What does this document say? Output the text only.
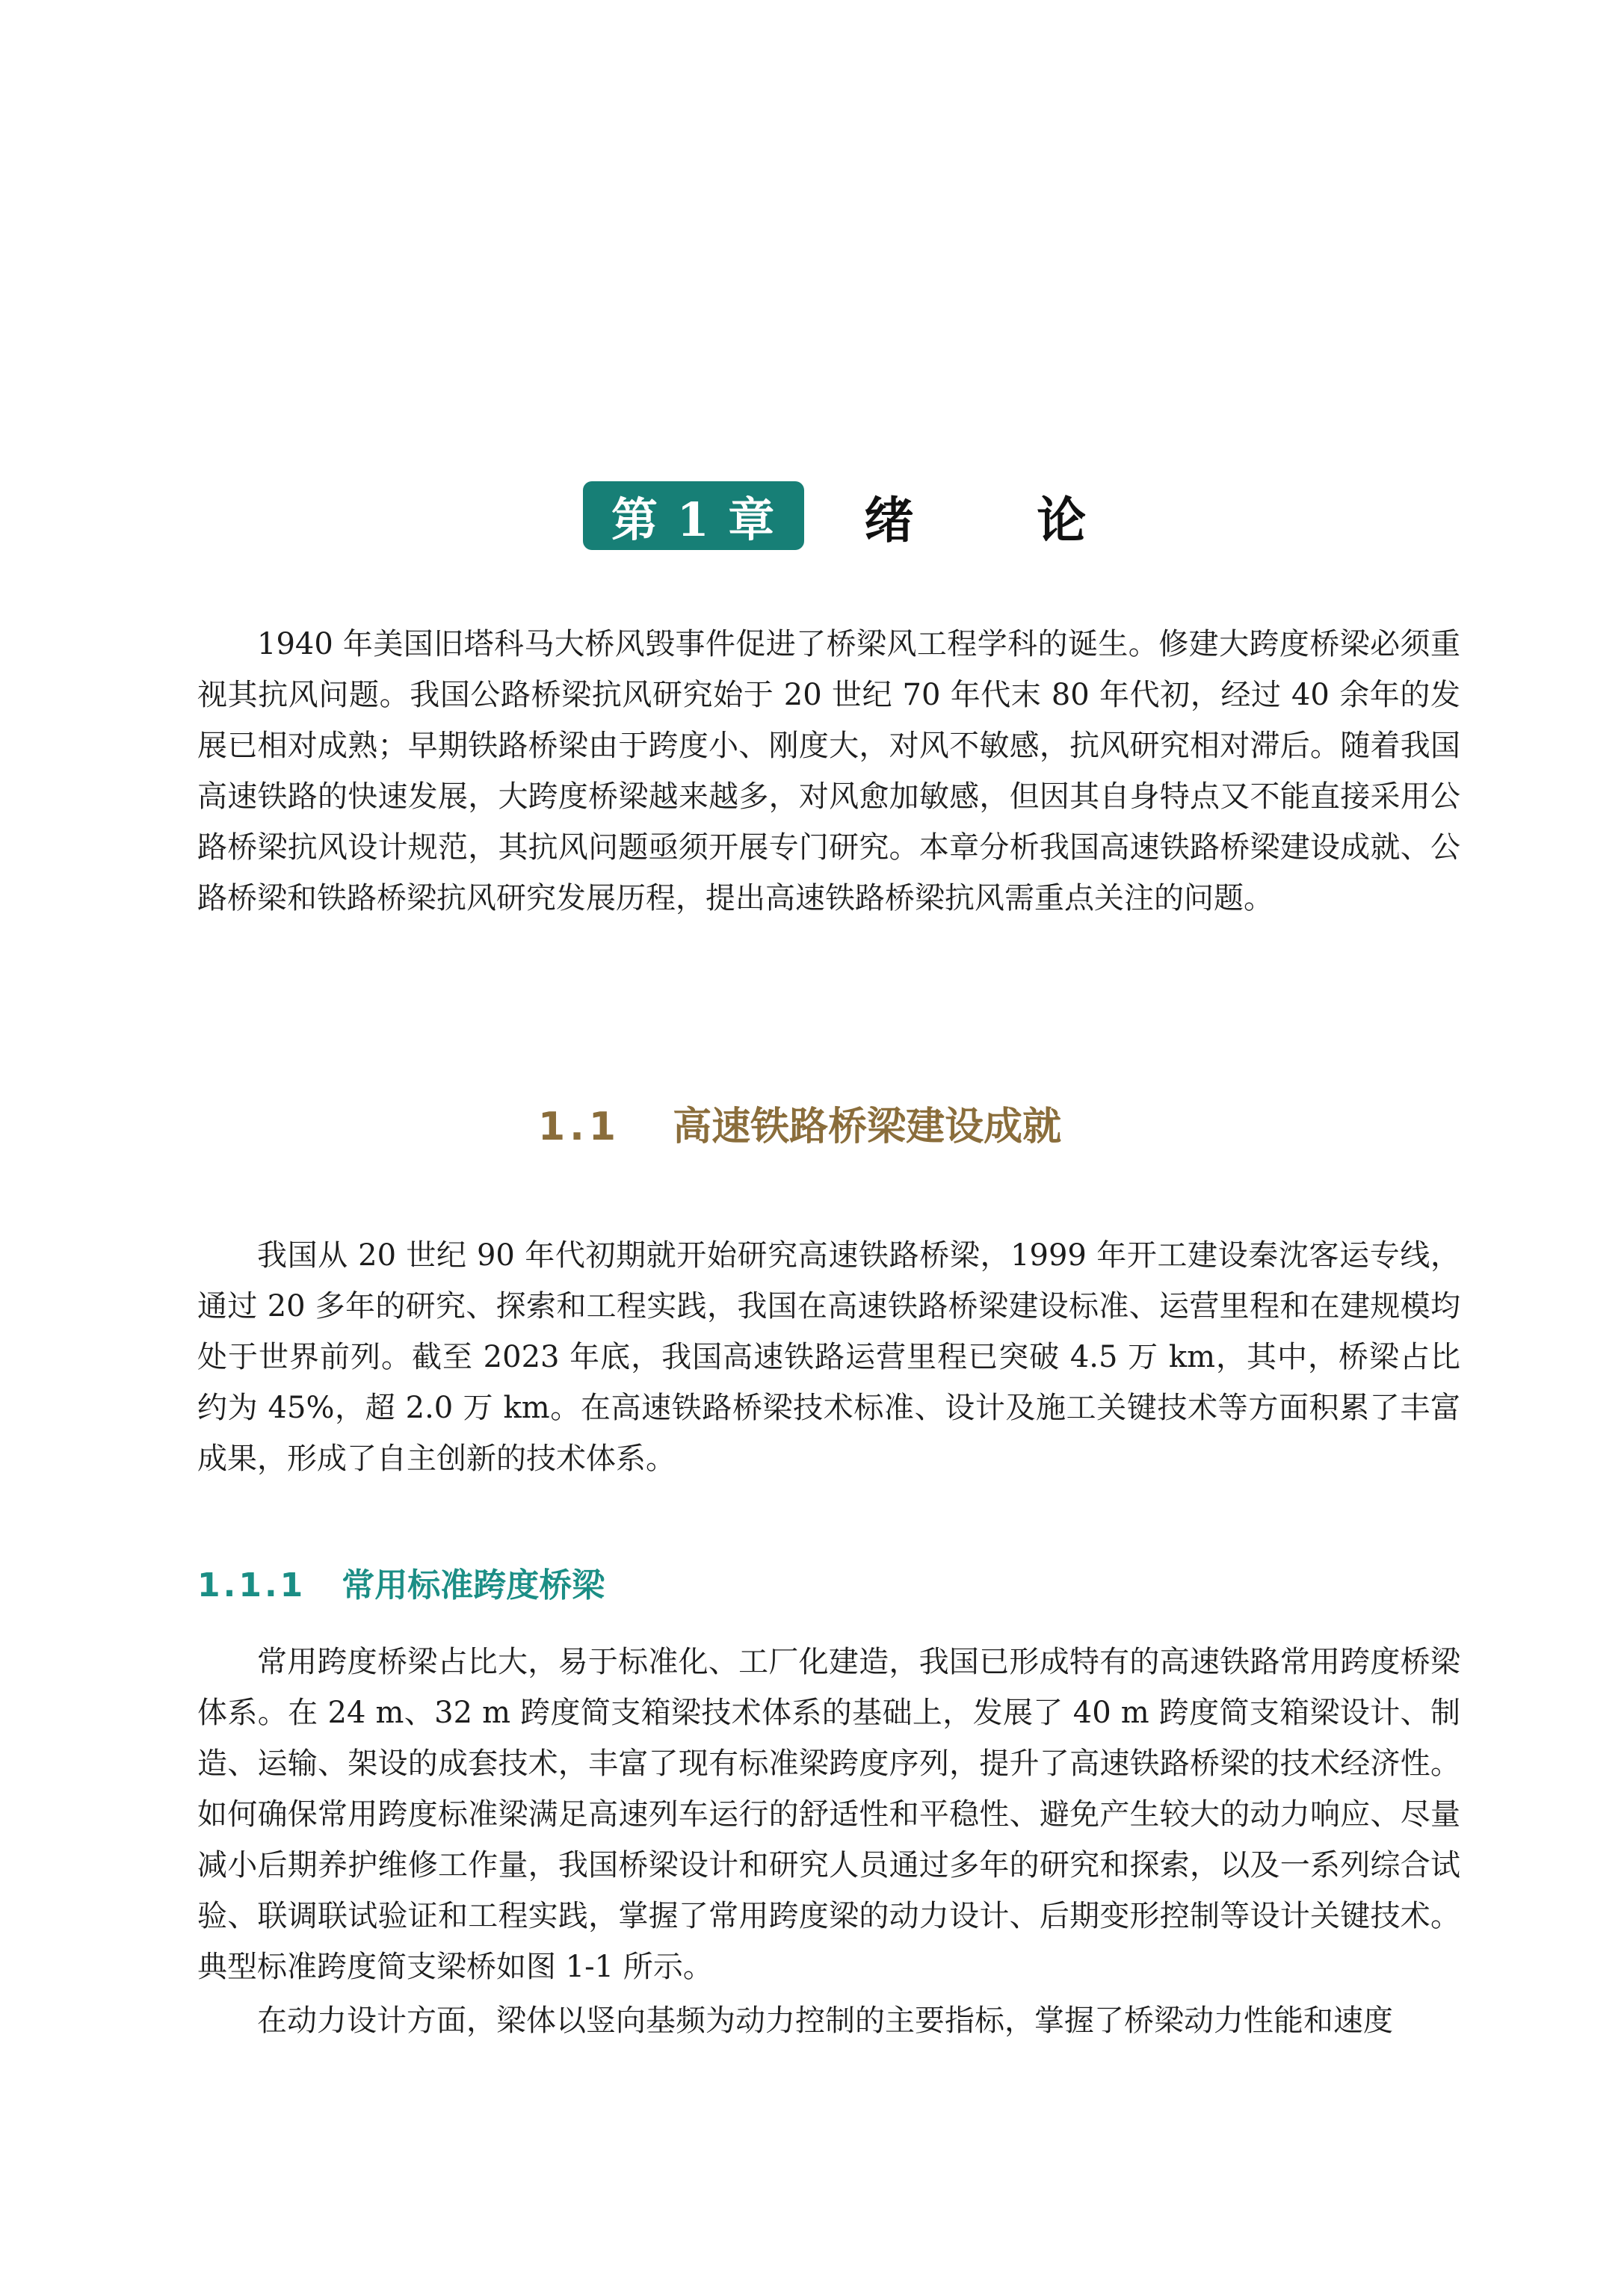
第 1 章	绪论

1940 年美国旧塔科马大桥风毁事件促进了桥梁风工程学科的诞生。修建大跨度桥梁必须重视其抗风问题。我国公路桥梁抗风研究始于 20 世纪 70 年代末 80 年代初，经过 40 余年的发展已相对成熟；早期铁路桥梁由于跨度小、刚度大，对风不敏感，抗风研究相对滞后。随着我国高速铁路的快速发展，大跨度桥梁越来越多，对风愈加敏感，但因其自身特点又不能直接采用公路桥梁抗风设计规范，其抗风问题亟须开展专门研究。本章分析我国高速铁路桥梁建设成就、公路桥梁和铁路桥梁抗风研究发展历程，提出高速铁路桥梁抗风需重点关注的问题。

1.1 高速铁路桥梁建设成就

我国从 20 世纪 90 年代初期就开始研究高速铁路桥梁，1999 年开工建设秦沈客运专线，通过 20 多年的研究、探索和工程实践，我国在高速铁路桥梁建设标准、运营里程和在建规模均处于世界前列。截至 2023 年底，我国高速铁路运营里程已突破 4.5 万 km，其中，桥梁占比约为 45%，超 2.0 万 km。在高速铁路桥梁技术标准、设计及施工关键技术等方面积累了丰富成果，形成了自主创新的技术体系。

1.1.1 常用标准跨度桥梁

常用跨度桥梁占比大，易于标准化、工厂化建造，我国已形成特有的高速铁路常用跨度桥梁体系。在 24 m、32 m 跨度简支箱梁技术体系的基础上，发展了 40 m 跨度简支箱梁设计、制造、运输、架设的成套技术，丰富了现有标准梁跨度序列，提升了高速铁路桥梁的技术经济性。如何确保常用跨度标准梁满足高速列车运行的舒适性和平稳性、避免产生较大的动力响应、尽量减小后期养护维修工作量，我国桥梁设计和研究人员通过多年的研究和探索，以及一系列综合试验、联调联试验证和工程实践，掌握了常用跨度梁的动力设计、后期变形控制等设计关键技术。典型标准跨度简支梁桥如图 1-1 所示。

在动力设计方面，梁体以竖向基频为动力控制的主要指标，掌握了桥梁动力性能和速度
